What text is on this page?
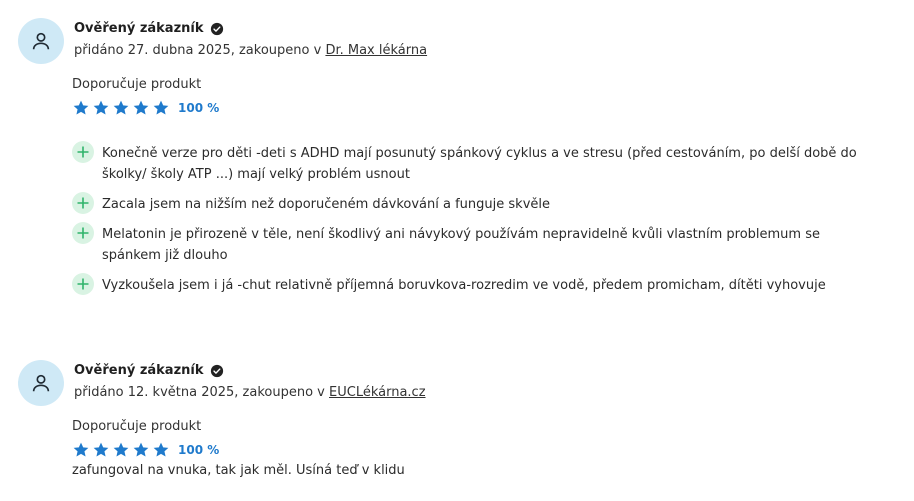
Ověřený zákazník
přidáno 27. dubna 2025, zakoupeno v Dr. Max lékárna
Doporučuje produkt
100 %
Konečně verze pro děti -deti s ADHD mají posunutý spánkový cyklus a ve stresu (před cestováním, po delší době do školky/ školy ATP ...) mají velký problém usnout
Zacala jsem na nižším než doporučeném dávkování a funguje skvěle
Melatonin je přirozeně v těle, není škodlivý ani návykový používám nepravidelně kvůli vlastním problemum se spánkem již dlouho
Vyzkoušela jsem i já -chut relativně příjemná boruvkova-rozredim ve vodě, předem promicham, dítěti vyhovuje
Ověřený zákazník
přidáno 12. května 2025, zakoupeno v EUCLékárna.cz
Doporučuje produkt
100 %
zafungoval na vnuka, tak jak měl. Usíná teď v klidu
